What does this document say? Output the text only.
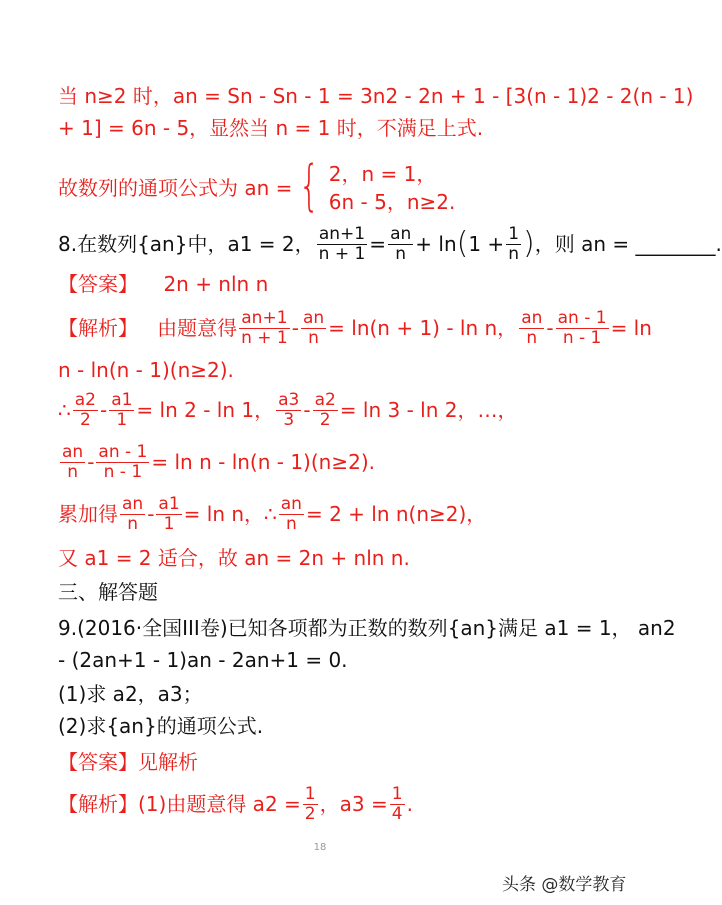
当 n≥2 时，an = Sn - Sn - 1 = 3n2 - 2n + 1 - [3(n - 1)2 - 2(n - 1)
+ 1] = 6n - 5，显然当 n = 1 时，不满足上式.
故数列的通项公式为 an = { 2，n = 1，
6n - 5，n≥2.
8.在数列{an}中，a1 = 2， $\frac{an+1}{n + 1} = \frac{an}{n} + \ln$ ( $1 + \frac{1}{n}$ ) ，则 an = ________.
【答案】 2n + nln n
【解析】
由题意得 $\frac{an+1}{n + 1} - \frac{an}{n} = \ln(n + 1) - \ln n$， $\frac{an}{n} - \frac{an - 1}{n - 1} = \ln$
n - ln(n - 1)(n≥2).
∴ $\frac{a2}{2} - \frac{a1}{1} = \ln 2 - \ln 1$， $\frac{a3}{3} - \frac{a2}{2} = \ln 3 - \ln 2$，…，
$\frac{an}{n} - \frac{an - 1}{n - 1} = \ln n - \ln(n - 1)(n\ge 2)$.
累加得 $\frac{an}{n} - \frac{a1}{1} = \ln n$，∴ $\frac{an}{n} = 2 + \ln n(n\ge 2)$，
又 a1 = 2 适合，故 an = 2n + nln n.
三、解答题
9.(2016·全国III卷)已知各项都为正数的数列{an}满足 a1 = 1， an2
- (2an+1 - 1)an - 2an+1 = 0.
(1)求 a2，a3；
(2)求{an}的通项公式.
【答案】见解析
【解析】(1)由题意得 $a2 = \frac{1}{2}$ ，$a3 = \frac{1}{4}$ .
18
头条 @数学教育
